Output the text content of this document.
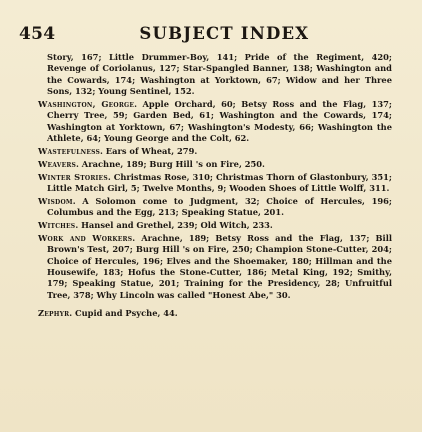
454	SUBJECT INDEX

Story, 167; Little Drummer-Boy, 141; Pride of the Regiment, 420; Revenge of Coriolanus, 127; Star-Spangled Banner, 138; Washington and the Cowards, 174; Washington at Yorktown, 67; Widow and her Three Sons, 132; Young Sentinel, 152.

Washington, George. Apple Orchard, 60; Betsy Ross and the Flag, 137; Cherry Tree, 59; Garden Bed, 61; Washington and the Cowards, 174; Washington at Yorktown, 67; Washington's Modesty, 66; Washington the Athlete, 64; Young George and the Colt, 62.

Wastefulness. Ears of Wheat, 279.

Weavers. Arachne, 189; Burg Hill 's on Fire, 250.

Winter Stories. Christmas Rose, 310; Christmas Thorn of Glastonbury, 351; Little Match Girl, 5; Twelve Months, 9; Wooden Shoes of Little Wolff, 311.

Wisdom. A Solomon come to Judgment, 32; Choice of Hercules, 196; Columbus and the Egg, 213; Speaking Statue, 201.

Witches. Hansel and Grethel, 239; Old Witch, 233.

Work and Workers. Arachne, 189; Betsy Ross and the Flag, 137; Bill Brown's Test, 207; Burg Hill 's on Fire, 250; Champion Stone-Cutter, 204; Choice of Hercules, 196; Elves and the Shoemaker, 180; Hillman and the Housewife, 183; Hofus the Stone-Cutter, 186; Metal King, 192; Smithy, 179; Speaking Statue, 201; Training for the Presidency, 28; Unfruitful Tree, 378; Why Lincoln was called "Honest Abe," 30.

Zephyr. Cupid and Psyche, 44.
